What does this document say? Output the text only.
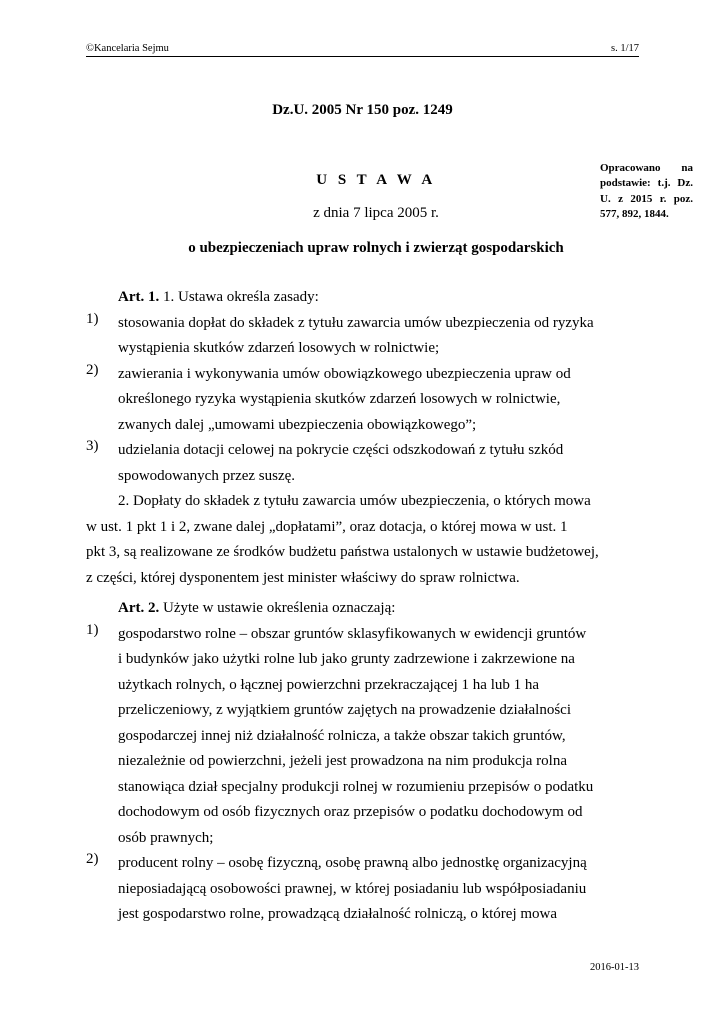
©Kancelaria Sejmu	s. 1/17
Dz.U. 2005 Nr 150 poz. 1249
U S T A W A
z dnia 7 lipca 2005 r.
o ubezpieczeniach upraw rolnych i zwierząt gospodarskich
Opracowano na podstawie: t.j. Dz. U. z 2015 r. poz. 577, 892, 1844.
Art. 1. 1. Ustawa określa zasady:
1)	stosowania dopłat do składek z tytułu zawarcia umów ubezpieczenia od ryzyka
wystąpienia skutków zdarzeń losowych w rolnictwie;
2)	zawierania i wykonywania umów obowiązkowego ubezpieczenia upraw od
określonego ryzyka wystąpienia skutków zdarzeń losowych w rolnictwie,
zwanych dalej „umowami ubezpieczenia obowiązkowego”;
3)	udzielania dotacji celowej na pokrycie części odszkodowań z tytułu szkód
spowodowanych przez suszę.
2. Dopłaty do składek z tytułu zawarcia umów ubezpieczenia, o których mowa
w ust. 1 pkt 1 i 2, zwane dalej „dopłatami”, oraz dotacja, o której mowa w ust. 1
pkt 3, są realizowane ze środków budżetu państwa ustalonych w ustawie budżetowej,
z części, której dysponentem jest minister właściwy do spraw rolnictwa.
Art. 2. Użyte w ustawie określenia oznaczają:
1)	gospodarstwo rolne – obszar gruntów sklasyfikowanych w ewidencji gruntów
i budynków jako użytki rolne lub jako grunty zadrzewione i zakrzewione na
użytkach rolnych, o łącznej powierzchni przekraczającej 1 ha lub 1 ha
przeliczeniowy, z wyjątkiem gruntów zajętych na prowadzenie działalności
gospodarczej innej niż działalność rolnicza, a także obszar takich gruntów,
niezależnie od powierzchni, jeżeli jest prowadzona na nim produkcja rolna
stanowiąca dział specjalny produkcji rolnej w rozumieniu przepisów o podatku
dochodowym od osób fizycznych oraz przepisów o podatku dochodowym od
osób prawnych;
2)	producent rolny – osobę fizyczną, osobę prawną albo jednostkę organizacyjną
nieposiadającą osobowości prawnej, w której posiadaniu lub współposiadaniu
jest gospodarstwo rolne, prowadzącą działalność rolniczą, o której mowa
2016-01-13
